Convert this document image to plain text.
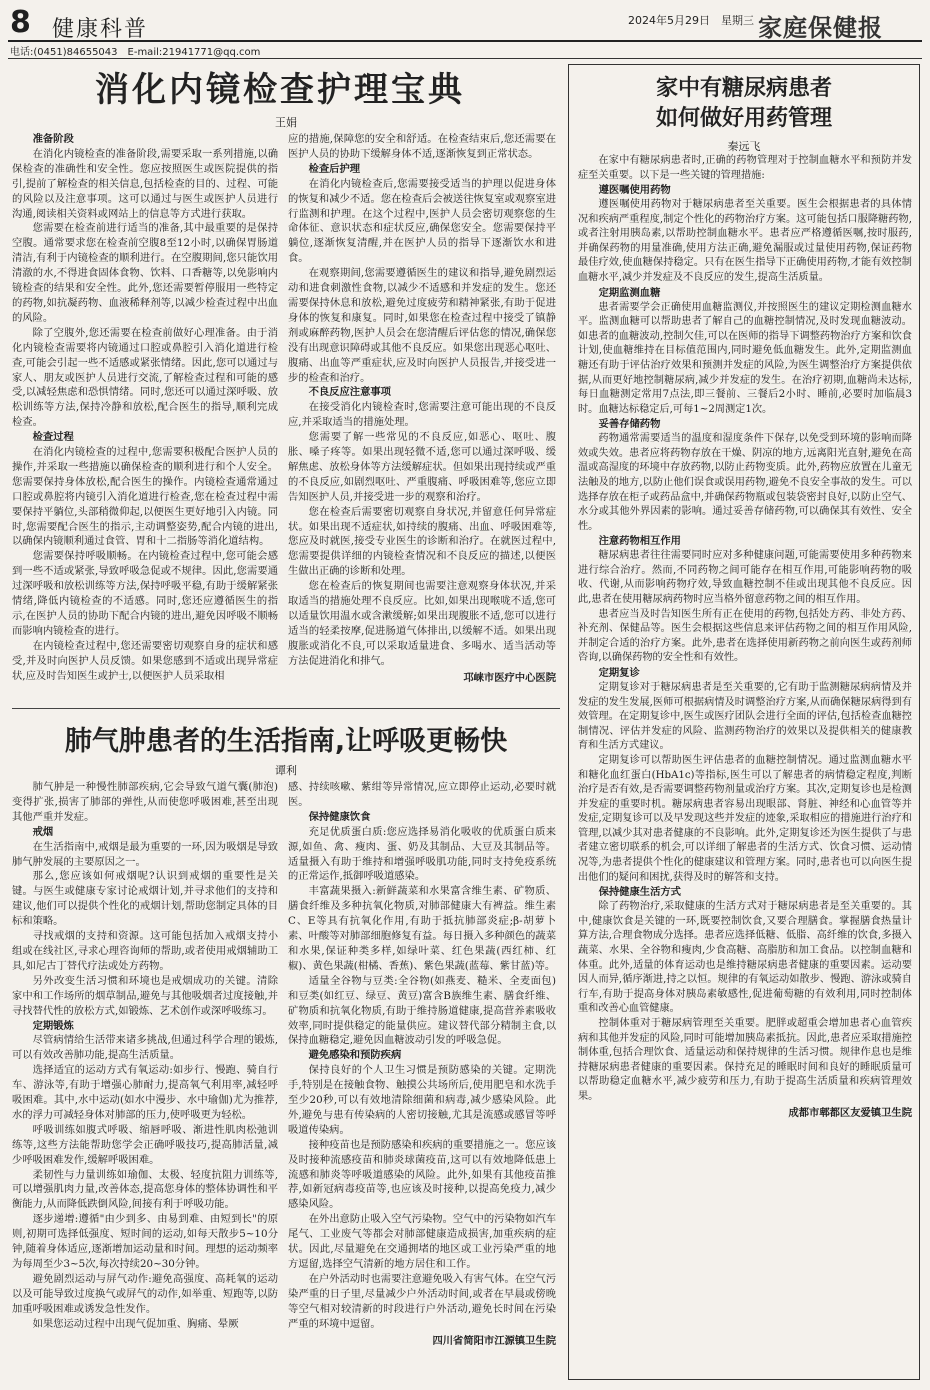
8 健康科普	2024年5月29日　星期三 家庭保健报
电话:(0451)84655043　E-mail:21941771@qq.com
消化内镜检查护理宝典
王娟
准备阶段

在消化内镜检查的准备阶段,需要采取一系列措施,以确保检查的准确性和安全性。您应按照医生或医院提供的指引,提前了解检查的相关信息,包括检查的目的、过程、可能的风险以及注意事项。这可以通过与医生或医护人员进行沟通,阅读相关资料或网站上的信息等方式进行获取。

您需要在检查前进行适当的准备,其中最重要的是保持空腹。通常要求您在检查前空腹8至12小时,以确保胃肠道清洁,有利于内镜检查的顺利进行。在空腹期间,您只能饮用清澈的水,不得进食固体食物、饮料、口香糖等,以免影响内镜检查的结果和安全性。此外,您还需要暂停服用一些特定的药物,如抗凝药物、血液稀释剂等,以减少检查过程中出血的风险。

除了空腹外,您还需要在检查前做好心理准备。由于消化内镜检查需要将内镜通过口腔或鼻腔引入消化道进行检查,可能会引起一些不适感或紧张情绪。因此,您可以通过与家人、朋友或医护人员进行交流,了解检查过程和可能的感受,以减轻焦虑和恐惧情绪。同时,您还可以通过深呼吸、放松训练等方法,保持冷静和放松,配合医生的指导,顺利完成检查。

检查过程

在消化内镜检查的过程中,您需要积极配合医护人员的操作,并采取一些措施以确保检查的顺利进行和个人安全。您需要保持身体放松,配合医生的操作。内镜检查通常通过口腔或鼻腔将内镜引入消化道进行检查,您在检查过程中需要保持平躺位,头部稍微仰起,以便医生更好地引入内镜。同时,您需要配合医生的指示,主动调整姿势,配合内镜的进出,以确保内镜顺利通过食管、胃和十二指肠等消化道结构。

您需要保持呼吸顺畅。在内镜检查过程中,您可能会感到一些不适或紧张,导致呼吸急促或不规律。因此,您需要通过深呼吸和放松训练等方法,保持呼吸平稳,有助于缓解紧张情绪,降低内镜检查的不适感。同时,您还应遵循医生的指示,在医护人员的协助下配合内镜的进出,避免因呼吸不顺畅而影响内镜检查的进行。

在内镜检查过程中,您还需要密切观察自身的症状和感受,并及时向医护人员反馈。如果您感到不适或出现异常症状,应及时告知医生或护士,以便医护人员采取相

应的措施,保障您的安全和舒适。在检查结束后,您还需要在医护人员的协助下缓解身体不适,逐渐恢复到正常状态。

检查后护理

在消化内镜检查后,您需要接受适当的护理以促进身体的恢复和减少不适。您在检查后会被送往恢复室或观察室进行监测和护理。在这个过程中,医护人员会密切观察您的生命体征、意识状态和症状反应,确保您安全。您需要保持平躺位,逐渐恢复清醒,并在医护人员的指导下逐渐饮水和进食。

在观察期间,您需要遵循医生的建议和指导,避免剧烈运动和进食刺激性食物,以减少不适感和并发症的发生。您还需要保持休息和放松,避免过度疲劳和精神紧张,有助于促进身体的恢复和康复。同时,如果您在检查过程中接受了镇静剂或麻醉药物,医护人员会在您清醒后评估您的情况,确保您没有出现意识障碍或其他不良反应。如果您出现恶心呕吐、腹痛、出血等严重症状,应及时向医护人员报告,并接受进一步的检查和治疗。

不良反应注意事项

在接受消化内镜检查时,您需要注意可能出现的不良反应,并采取适当的措施处理。

您需要了解一些常见的不良反应,如恶心、呕吐、腹胀、嗓子疼等。如果出现轻微不适,您可以通过深呼吸、缓解焦虑、放松身体等方法缓解症状。但如果出现持续或严重的不良反应,如剧烈呕吐、严重腹痛、呼吸困难等,您应立即告知医护人员,并接受进一步的观察和治疗。

您在检查后需要密切观察自身状况,并留意任何异常症状。如果出现不适症状,如持续的腹痛、出血、呼吸困难等,您应及时就医,接受专业医生的诊断和治疗。在就医过程中,您需要提供详细的内镜检查情况和不良反应的描述,以便医生做出正确的诊断和处理。

您在检查后的恢复期间也需要注意观察身体状况,并采取适当的措施处理不良反应。比如,如果出现喉咙不适,您可以适量饮用温水或含漱缓解;如果出现腹胀不适,您可以进行适当的轻柔按摩,促进肠道气体排出,以缓解不适。如果出现腹胀或消化不良,可以采取适量进食、多喝水、适当活动等方法促进消化和排气。

邛崃市医疗中心医院
肺气肿患者的生活指南,让呼吸更畅快
谭利

肺气肿是一种慢性肺部疾病,它会导致气道气囊(肺泡)变得扩张,损害了肺部的弹性,从而使您呼吸困难,甚至出现其他严重并发症。

戒烟

在生活指南中,戒烟是最为重要的一环,因为吸烟是导致肺气肿发展的主要原因之一。

那么,您应该如何戒烟呢?认识到戒烟的重要性是关键。与医生或健康专家讨论戒烟计划,并寻求他们的支持和建议,他们可以提供个性化的戒烟计划,帮助您制定具体的目标和策略。

寻找戒烟的支持和资源。这可能包括加入戒烟支持小组或在线社区,寻求心理咨询师的帮助,或者使用戒烟辅助工具,如尼古丁替代疗法或处方药物。

另外改变生活习惯和环境也是戒烟成功的关键。清除家中和工作场所的烟草制品,避免与其他吸烟者过度接触,并寻找替代性的放松方式,如锻炼、艺术创作或深呼吸练习。

定期锻炼

尽管病情给生活带来诸多挑战,但通过科学合理的锻炼,可以有效改善肺功能,提高生活质量。

选择适宜的运动方式有氧运动:如步行、慢跑、骑自行车、游泳等,有助于增强心肺耐力,提高氧气利用率,减轻呼吸困难。其中,水中运动(如水中漫步、水中瑜伽)尤为推荐,水的浮力可减轻身体对肺部的压力,使呼吸更为轻松。

呼吸训练如腹式呼吸、缩唇呼吸、渐进性肌肉松弛训练等,这些方法能帮助您学会正确呼吸技巧,提高肺活量,减少呼吸困难发作,缓解呼吸困难。

柔韧性与力量训练如瑜伽、太极、轻度抗阻力训练等,可以增强肌肉力量,改善体态,提高您身体的整体协调性和平衡能力,从而降低跌倒风险,间接有利于呼吸功能。

逐步递增:遵循"由少到多、由易到难、由短到长"的原则,初期可选择低强度、短时间的运动,如每天散步5~10分钟,随着身体适应,逐渐增加运动量和时间。理想的运动频率为每周至少3~5次,每次持续20~30分钟。

避免剧烈运动与屏气动作:避免高强度、高耗氧的运动以及可能导致过度换气或屏气的动作,如举重、短跑等,以防加重呼吸困难或诱发急性发作。

如果您运动过程中出现气促加重、胸痛、晕厥

感、持续咳嗽、紫绀等异常情况,应立即停止运动,必要时就医。

保持健康饮食

充足优质蛋白质:您应选择易消化吸收的优质蛋白质来源,如鱼、禽、瘦肉、蛋、奶及其制品、大豆及其制品等。适量摄入有助于维持和增强呼吸肌功能,同时支持免疫系统的正常运作,抵御呼吸道感染。

丰富蔬果摄入:新鲜蔬菜和水果富含维生素、矿物质、膳食纤维及多种抗氧化物质,对肺部健康大有裨益。维生素C、E等具有抗氧化作用,有助于抵抗肺部炎症;β-胡萝卜素、叶酸等对肺部细胞修复有益。每日摄入多种颜色的蔬菜和水果,保证种类多样,如绿叶菜、红色果蔬(西红柿、红椒)、黄色果蔬(柑橘、香蕉)、紫色果蔬(蓝莓、紫甘蓝)等。

适量全谷物与豆类:全谷物(如燕麦、糙米、全麦面包)和豆类(如红豆、绿豆、黄豆)富含B族维生素、膳食纤维、矿物质和抗氧化物质,有助于维持肠道健康,提高营养素吸收效率,同时提供稳定的能量供应。建议替代部分精制主食,以保持血糖稳定,避免因血糖波动引发的呼吸急促。

避免感染和预防疾病

保持良好的个人卫生习惯是预防感染的关键。定期洗手,特别是在接触食物、触摸公共场所后,使用肥皂和水洗手至少20秒,可以有效地清除细菌和病毒,减少感染风险。此外,避免与患有传染病的人密切接触,尤其是流感或感冒等呼吸道传染病。

接种疫苗也是预防感染和疾病的重要措施之一。您应该及时接种流感疫苗和肺炎球菌疫苗,这可以有效地降低患上流感和肺炎等呼吸道感染的风险。此外,如果有其他疫苗推荐,如新冠病毒疫苗等,也应该及时接种,以提高免疫力,减少感染风险。

在外出意防止吸入空气污染物。空气中的污染物如汽车尾气、工业废气等都会对肺部健康造成损害,加重疾病的症状。因此,尽量避免在交通拥堵的地区或工业污染严重的地方逗留,选择空气清新的地方居住和工作。

在户外活动时也需要注意避免吸入有害气体。在空气污染严重的日子里,尽量减少户外活动时间,或者在早晨或傍晚等空气相对较清新的时段进行户外活动,避免长时间在污染严重的环境中逗留。

四川省简阳市江源镇卫生院
家中有糖尿病患者
如何做好用药管理
秦远飞

在家中有糖尿病患者时,正确的药物管理对于控制血糖水平和预防并发症至关重要。以下是一些关键的管理措施:

遵医嘱使用药物

遵医嘱使用药物对于糖尿病患者至关重要。医生会根据患者的具体情况和疾病严重程度,制定个性化的药物治疗方案。这可能包括口服降糖药物,或者注射用胰岛素,以帮助控制血糖水平。患者应严格遵循医嘱,按时服药,并确保药物的用量准确,使用方法正确,避免漏服或过量使用药物,保证药物最佳疗效,使血糖保持稳定。只有在医生指导下正确使用药物,才能有效控制血糖水平,减少并发症及不良反应的发生,提高生活质量。

定期监测血糖

患者需要学会正确使用血糖监测仪,并按照医生的建议定期检测血糖水平。监测血糖可以帮助患者了解自己的血糖控制情况,及时发现血糖波动。如患者的血糖波动,控制欠佳,可以在医师的指导下调整药物治疗方案和饮食计划,使血糖维持在目标值范围内,同时避免低血糖发生。此外,定期监测血糖还有助于评估治疗效果和预测并发症的风险,为医生调整治疗方案提供依据,从而更好地控制糖尿病,减少并发症的发生。在治疗初期,血糖尚未达标,每日血糖测定常用7点法,即三餐前、三餐后2小时、睡前,必要时加临晨3时。血糖达标稳定后,可每1~2周测定1次。

妥善存储药物

药物通常需要适当的温度和湿度条件下保存,以免受到环境的影响而降效或失效。患者应将药物存放在干燥、阴凉的地方,远离阳光直射,避免在高温或高湿度的环境中存放药物,以防止药物变质。此外,药物应放置在儿童无法触及的地方,以防止他们误食或误用药物,避免不良安全事故的发生。可以选择存放在柜子或药品盒中,并确保药物瓶或包装袋密封良好,以防止空气、水分或其他外界因素的影响。通过妥善存储药物,可以确保其有效性、安全性。

注意药物相互作用

糖尿病患者往往需要同时应对多种健康问题,可能需要使用多种药物来进行综合治疗。然而,不同药物之间可能存在相互作用,可能影响药物的吸收、代谢,从而影响药物疗效,导致血糖控制不佳或出现其他不良反应。因此,患者在使用糖尿病药物时应当格外留意药物之间的相互作用。

患者应当及时告知医生所有正在使用的药物,包括处方药、非处方药、补充剂、保健品等。医生会根据这些信息来评估药物之间的相互作用风险,并制定合适的治疗方案。此外,患者在选择使用新药物之前向医生或药剂师咨询,以确保药物的安全性和有效性。

定期复诊

定期复诊对于糖尿病患者是至关重要的,它有助于监测糖尿病病情及并发症的发生发展,医师可根据病情及时调整治疗方案,从而确保糖尿病得到有效管理。在定期复诊中,医生或医疗团队会进行全面的评估,包括检查血糖控制情况、评估并发症的风险、监测药物治疗的效果以及提供相关的健康教育和生活方式建议。

定期复诊可以帮助医生评估患者的血糖控制情况。通过监测血糖水平和糖化血红蛋白(HbA1c)等指标,医生可以了解患者的病情稳定程度,判断治疗是否有效,是否需要调整药物剂量或治疗方案。其次,定期复诊也是检测并发症的重要时机。糖尿病患者容易出现眼部、肾脏、神经和心血管等并发症,定期复诊可以及早发现这些并发症的迹象,采取相应的措施进行治疗和管理,以减少其对患者健康的不良影响。此外,定期复诊还为医生提供了与患者建立密切联系的机会,可以详细了解患者的生活方式、饮食习惯、运动情况等,为患者提供个性化的健康建议和管理方案。同时,患者也可以向医生提出他们的疑问和困扰,获得及时的解答和支持。

保持健康生活方式

除了药物治疗,采取健康的生活方式对于糖尿病患者是至关重要的。其中,健康饮食是关键的一环,既要控制饮食,又要合理膳食。掌握膳食热量计算方法,合理食物成分选择。患者应选择低糖、低脂、高纤维的饮食,多摄入蔬菜、水果、全谷物和瘦肉,少食高糖、高脂肪和加工食品。以控制血糖和体重。此外,适量的体育运动也是维持糖尿病患者健康的重要因素。运动要因人而异,循序渐进,持之以恒。规律的有氧运动如散步、慢跑、游泳或骑自行车,有助于提高身体对胰岛素敏感性,促进葡萄糖的有效利用,同时控制体重和改善心血管健康。

控制体重对于糖尿病管理至关重要。肥胖或超重会增加患者心血管疾病和其他并发症的风险,同时可能增加胰岛素抵抗。因此,患者应采取措施控制体重,包括合理饮食、适量运动和保持规律的生活习惯。规律作息也是维持糖尿病患者健康的重要因素。保持充足的睡眠时间和良好的睡眠质量可以帮助稳定血糖水平,减少疲劳和压力,有助于提高生活质量和疾病管理效果。

成都市郫都区友爱镇卫生院
